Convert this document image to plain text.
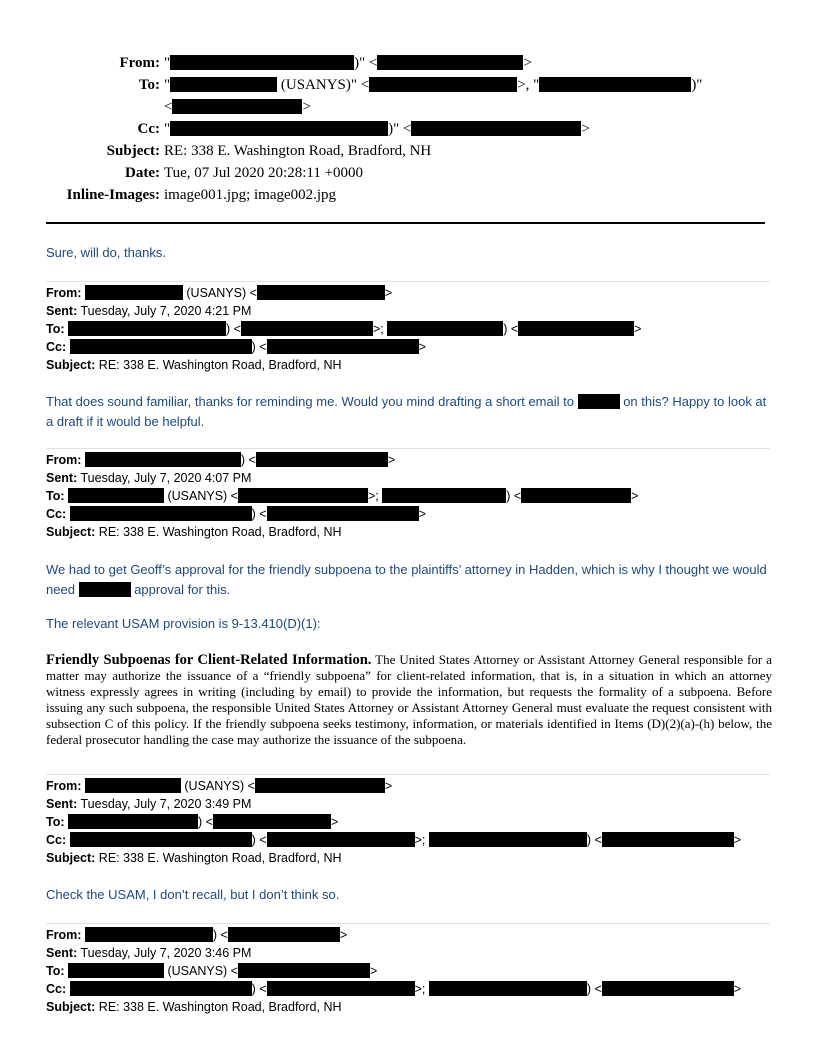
From: "	)" <	>
To: "	(USANYS)" <	>, "	)"
<	>
Cc: "	)" <	>
Subject: RE: 338 E. Washington Road, Bradford, NH
Date: Tue, 07 Jul 2020 20:28:11 +0000
Inline-Images: image001.jpg; image002.jpg
Sure, will do, thanks.
From:	(USANYS) <	>
Sent: Tuesday, July 7, 2020 4:21 PM
To:	) <	>;	) <	>
Cc:	) <	>
Subject: RE: 338 E. Washington Road, Bradford, NH
That does sound familiar, thanks for reminding me. Would you mind drafting a short email to	on this? Happy to look at a draft if it would be helpful.
From:	) <	>
Sent: Tuesday, July 7, 2020 4:07 PM
To:	(USANYS) <	>;	) <	>
Cc:	) <	>
Subject: RE: 338 E. Washington Road, Bradford, NH
We had to get Geoff’s approval for the friendly subpoena to the plaintiffs’ attorney in Hadden, which is why I thought we would need	approval for this.
The relevant USAM provision is 9-13.410(D)(1):
Friendly Subpoenas for Client-Related Information. The United States Attorney or Assistant Attorney General responsible for a matter may authorize the issuance of a “friendly subpoena” for client-related information, that is, in a situation in which an attorney witness expressly agrees in writing (including by email) to provide the information, but requests the formality of a subpoena. Before issuing any such subpoena, the responsible United States Attorney or Assistant Attorney General must evaluate the request consistent with subsection C of this policy. If the friendly subpoena seeks testimony, information, or materials identified in Items (D)(2)(a)-(h) below, the federal prosecutor handling the case may authorize the issuance of the subpoena.
From:	(USANYS) <	>
Sent: Tuesday, July 7, 2020 3:49 PM
To:	) <	>
Cc:	) <	>;	) <	>
Subject: RE: 338 E. Washington Road, Bradford, NH
Check the USAM, I don’t recall, but I don’t think so.
From:	) <	>
Sent: Tuesday, July 7, 2020 3:46 PM
To:	(USANYS) <	>
Cc:	) <	>;	) <	>
Subject: RE: 338 E. Washington Road, Bradford, NH
